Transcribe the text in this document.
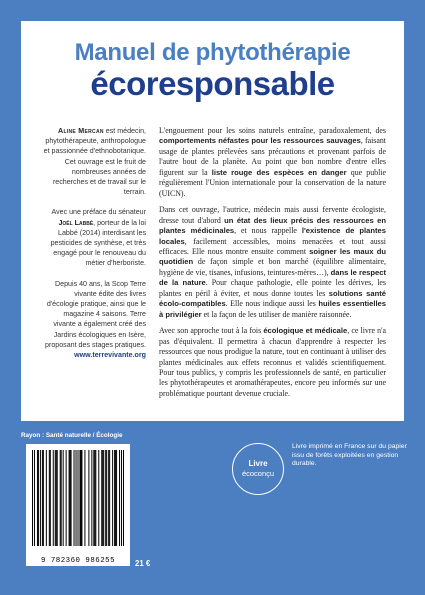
Manuel de phytothérapie
écoresponsable

Aline Mercan est médecin, phytothérapeute, anthropologue et passionnée d'ethnobotanique. Cet ouvrage est le fruit de nombreuses années de recherches et de travail sur le terrain.

Avec une préface du sénateur Joël Labbé, porteur de la loi Labbé (2014) interdisant les pesticides de synthèse, et très engagé pour le renouveau du métier d'herboriste.

Depuis 40 ans, la Scop Terre vivante édite des livres d'écologie pratique, ainsi que le magazine 4 saisons. Terre vivante a également créé des Jardins écologiques en Isère, proposant des stages pratiques.
www.terrevivante.org

L'engouement pour les soins naturels entraîne, paradoxalement, des comportements néfastes pour les ressources sauvages, faisant usage de plantes prélevées sans précautions et provenant parfois de l'autre bout de la planète. Au point que bon nombre d'entre elles figurent sur la liste rouge des espèces en danger que publie régulièrement l'Union internationale pour la conservation de la nature (UICN).

Dans cet ouvrage, l'autrice, médecin mais aussi fervente écologiste, dresse tout d'abord un état des lieux précis des ressources en plantes médicinales, et nous rappelle l'existence de plantes locales, facilement accessibles, moins menacées et tout aussi efficaces. Elle nous montre ensuite comment soigner les maux du quotidien de façon simple et bon marché (équilibre alimentaire, hygiène de vie, tisanes, infusions, teintures-mères…), dans le respect de la nature. Pour chaque pathologie, elle pointe les dérives, les plantes en péril à éviter, et nous donne toutes les solutions santé écolo-compatibles. Elle nous indique aussi les huiles essentielles à privilégier et la façon de les utiliser de manière raisonnée.

Avec son approche tout à la fois écologique et médicale, ce livre n'a pas d'équivalent. Il permettra à chacun d'apprendre à respecter les ressources que nous prodigue la nature, tout en continuant à utiliser des plantes médicinales aux effets reconnus et validés scientifiquement. Pour tous publics, y compris les professionnels de santé, en particulier les phytothérapeutes et aromathérapeutes, encore peu informés sur une problématique pourtant devenue cruciale.

Rayon : Santé naturelle / Écologie
9 782360 986255	21 €
Livre
écoconçu
Livre imprimé en France sur du papier issu de forêts exploitées en gestion durable.
